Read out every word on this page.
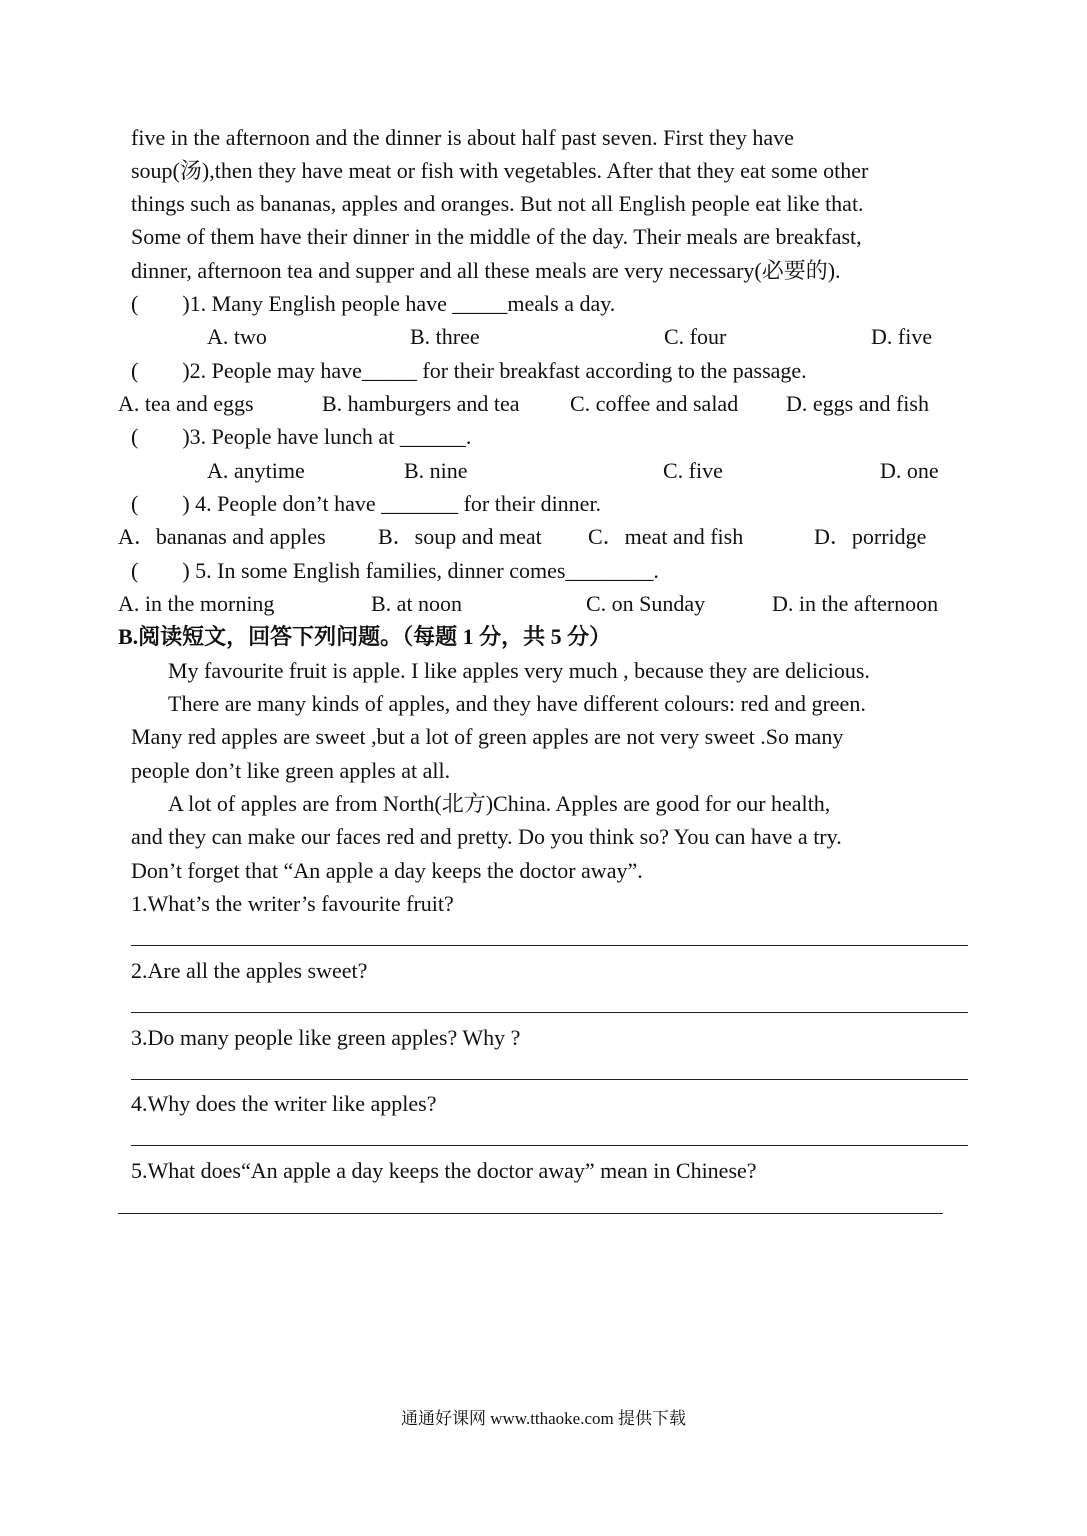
five in the afternoon and the dinner is about half past seven. First they have
soup(汤),then they have meat or fish with vegetables. After that they eat some other
things such as bananas, apples and oranges. But not all English people eat like that.
Some of them have their dinner in the middle of the day. Their meals are breakfast,
dinner, afternoon tea and supper and all these meals are very necessary(必要的).
(        )1. Many English people have _____meals a day.
A. two	B. three	C. four	D. five
(        )2. People may have_____ for their breakfast according to the passage.
A. tea and eggs	B. hamburgers and tea C. coffee and salad D. eggs and fish
(        )3. People have lunch at ______.
A. anytime	B. nine	C. five	D. one
(        ) 4. People don’t have _______ for their dinner.
A．bananas and apples B．soup and meat C．meat and fish	D．porridge
(        ) 5. In some English families, dinner comes________.
A. in the morning	B. at noon	C. on Sunday	D. in the afternoon
B.阅读短文，回答下列问题。（每题 1 分，共 5 分）
My favourite fruit is apple. I like apples very much , because they are delicious.
There are many kinds of apples, and they have different colours: red and green.
Many red apples are sweet ,but a lot of green apples are not very sweet .So many
people don’t like green apples at all.
A lot of apples are from North(北方)China. Apples are good for our health,
and they can make our faces red and pretty. Do you think so? You can have a try.
Don’t forget that “An apple a day keeps the doctor away”.
1.What’s the writer’s favourite fruit?
2.Are all the apples sweet?
3.Do many people like green apples? Why ?
4.Why does the writer like apples?
5.What does“An apple a day keeps the doctor away” mean in Chinese?
通通好课网 www.tthaoke.com 提供下载
